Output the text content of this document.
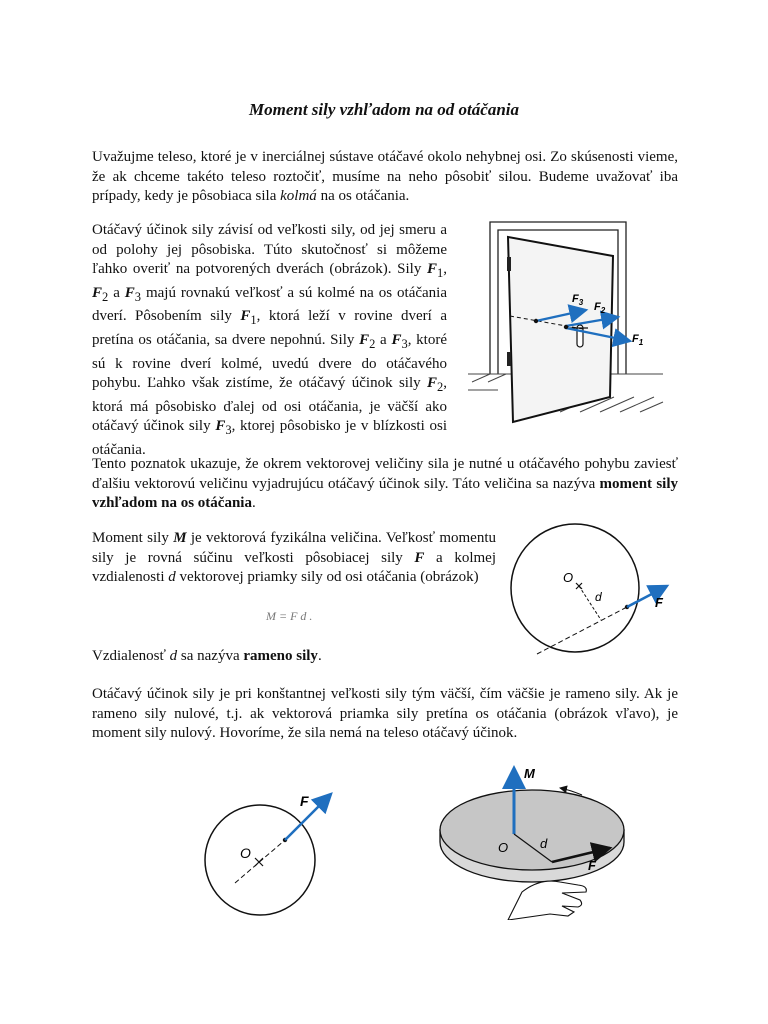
Moment sily vzhľadom na od otáčania
Uvažujme teleso, ktoré je v inerciálnej sústave otáčavé okolo nehybnej osi. Zo skúsenosti vieme, že ak chceme takéto teleso roztočiť, musíme na neho pôsobiť silou. Budeme uvažovať iba prípady, kedy je pôsobiaca sila kolmá na os otáčania.
Otáčavý účinok sily závisí od veľkosti sily, od jej smeru a od polohy jej pôsobiska. Túto skutočnosť si môžeme ľahko overiť na potvorených dverách (obrázok). Sily $F_1$, $F_2$ a $F_3$ majú rovnakú veľkosť a sú kolmé na os otáčania dverí. Pôsobením sily $F_1$, ktorá leží v rovine dverí a pretína os otáčania, sa dvere nepohnú. Sily $F_2$ a $F_3$, ktoré sú k rovine dverí kolmé, uvedú dvere do otáčavého pohybu. Ľahko však zistíme, že otáčavý účinok sily $F_2$, ktorá má pôsobisko ďalej od osi otáčania, je väčší ako otáčavý účinok sily $F_3$, ktorej pôsobisko je v blízkosti osi otáčania.
Tento poznatok ukazuje, že okrem vektorovej veličiny sila je nutné u otáčavého pohybu zaviesť ďalšiu vektorovú veličinu vyjadrujúcu otáčavý účinok sily. Táto veličina sa nazýva moment sily vzhľadom na os otáčania.
Moment sily M je vektorová fyzikálna veličina. Veľkosť momentu sily je rovná súčinu veľkosti pôsobiacej sily F a kolmej vzdialenosti d vektorovej priamky sily od osi otáčania (obrázok)
M = F d .
Vzdialenosť d sa nazýva rameno sily.
Otáčavý účinok sily je pri konštantnej veľkosti sily tým väčší, čím väčšie je rameno sily. Ak je rameno sily nulové, t.j. ak vektorová priamka sily pretína os otáčania (obrázok vľavo), je moment sily nulový. Hovoríme, že sila nemá na teleso otáčavý účinok.
$F_3$ $F_2$
$F_1$
O
d	F
O
F
M
O d
F
